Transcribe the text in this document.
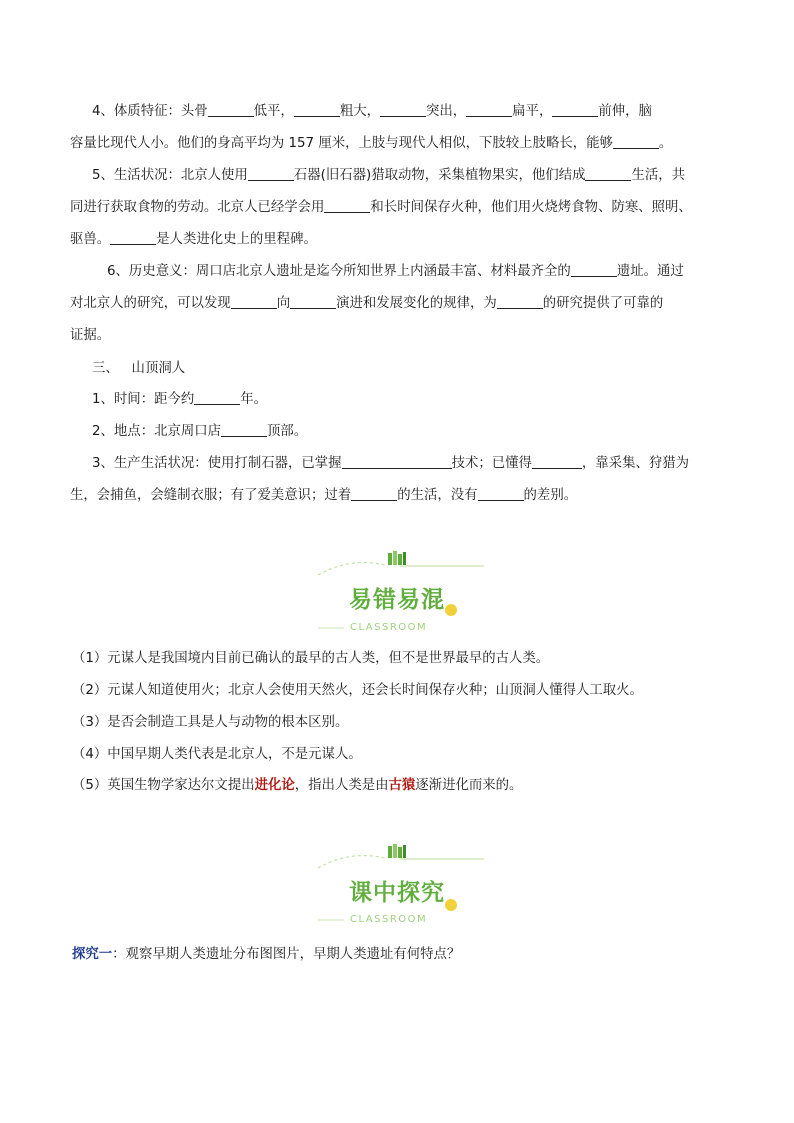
4、体质特征：头骨	低平，	粗大，	突出，	扁平，	前伸，脑
容量比现代人小。他们的身高平均为 157 厘米，上肢与现代人相似，下肢较上肢略长，能够	。
5、生活状况：北京人使用	石器(旧石器)猎取动物，采集植物果实，他们结成	生活，共
同进行获取食物的劳动。北京人已经学会用	和长时间保存火种，他们用火烧烤食物、防寒、照明、
驱兽。	是人类进化史上的里程碑。
6、历史意义：周口店北京人遗址是迄今所知世界上内涵最丰富、材料最齐全的	遗址。通过
对北京人的研究，可以发现	向	演进和发展变化的规律，为	的研究提供了可靠的
证据。
三、   山顶洞人
1、时间：距今约	年。
2、地点：北京周口店	顶部。
3、生产生活状况：使用打制石器，已掌握	技术；已懂得	，靠采集、狩猎为
生，会捕鱼，会缝制衣服；有了爱美意识；过着	的生活，没有	的差别。
易错易混
CLASSROOM
（1）元谋人是我国境内目前已确认的最早的古人类，但不是世界最早的古人类。
（2）元谋人知道使用火；北京人会使用天然火，还会长时间保存火种；山顶洞人懂得人工取火。
（3）是否会制造工具是人与动物的根本区别。
（4）中国早期人类代表是北京人，不是元谋人。
（5）英国生物学家达尔文提出进化论，指出人类是由古猿逐渐进化而来的。
课中探究
CLASSROOM
探究一：观察早期人类遗址分布图图片，早期人类遗址有何特点？
